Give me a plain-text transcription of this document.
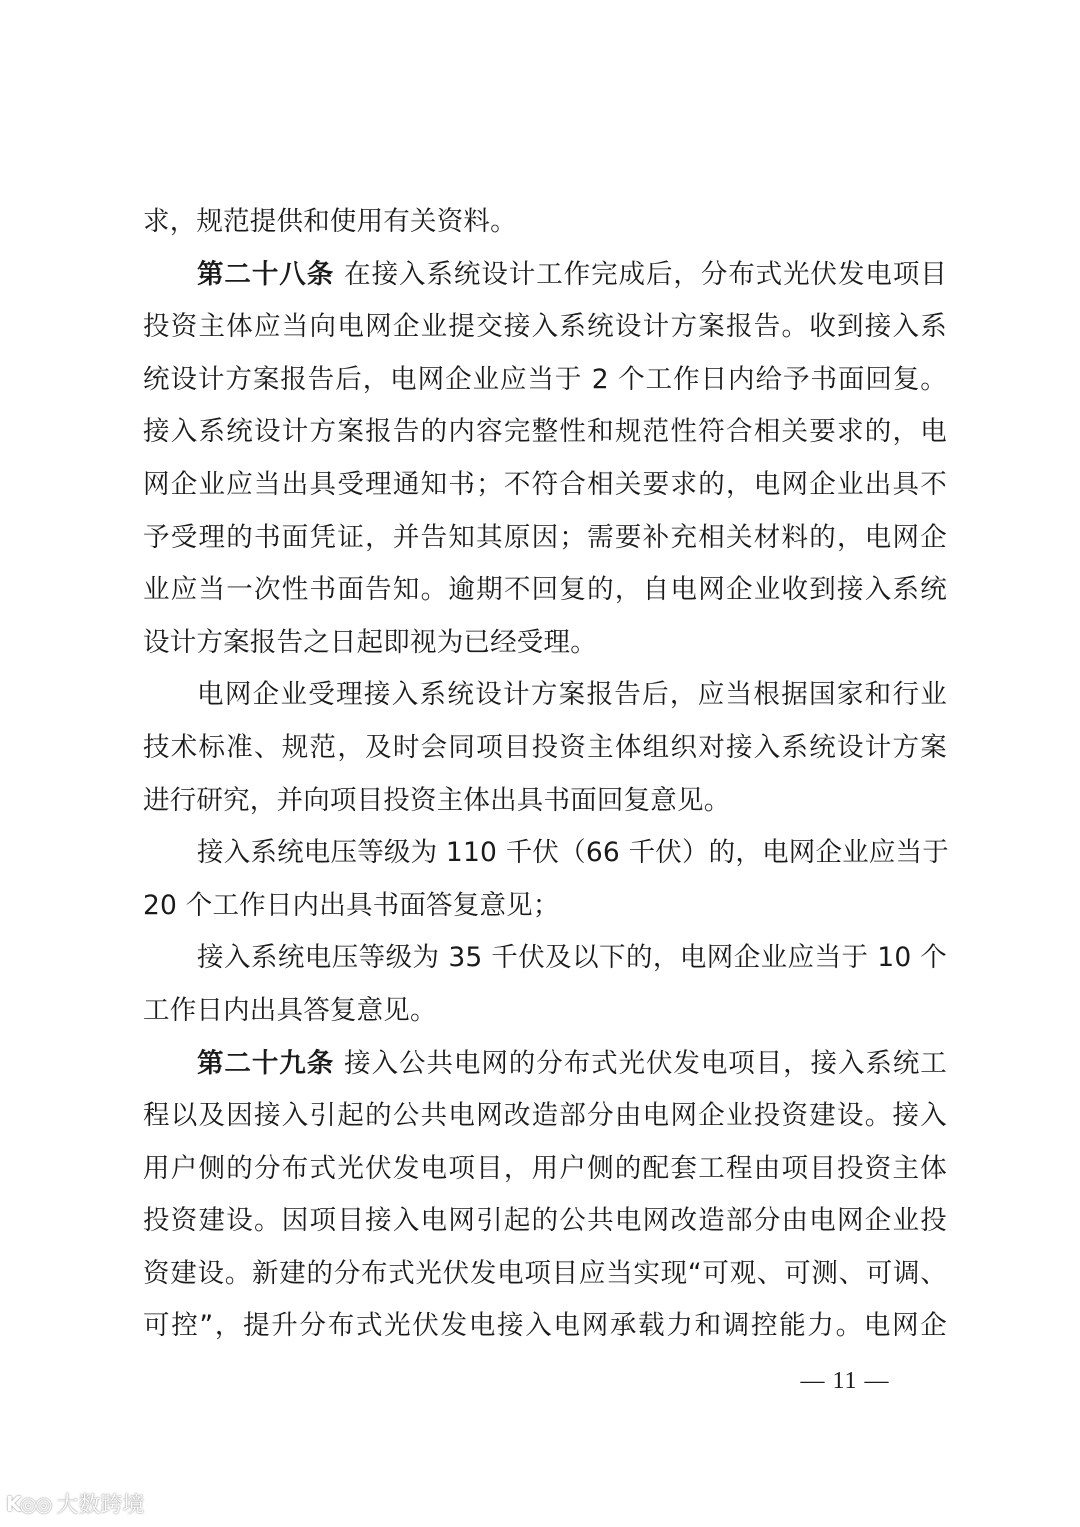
求，规范提供和使用有关资料。
第二十八条 在接入系统设计工作完成后，分布式光伏发电项目
投资主体应当向电网企业提交接入系统设计方案报告。收到接入系
统设计方案报告后，电网企业应当于 2 个工作日内给予书面回复。
接入系统设计方案报告的内容完整性和规范性符合相关要求的，电
网企业应当出具受理通知书；不符合相关要求的，电网企业出具不
予受理的书面凭证，并告知其原因；需要补充相关材料的，电网企
业应当一次性书面告知。逾期不回复的，自电网企业收到接入系统
设计方案报告之日起即视为已经受理。
电网企业受理接入系统设计方案报告后，应当根据国家和行业
技术标准、规范，及时会同项目投资主体组织对接入系统设计方案
进行研究，并向项目投资主体出具书面回复意见。
接入系统电压等级为 110 千伏（66 千伏）的，电网企业应当于
20 个工作日内出具书面答复意见；
接入系统电压等级为 35 千伏及以下的，电网企业应当于 10 个
工作日内出具答复意见。
第二十九条 接入公共电网的分布式光伏发电项目，接入系统工
程以及因接入引起的公共电网改造部分由电网企业投资建设。接入
用户侧的分布式光伏发电项目，用户侧的配套工程由项目投资主体
投资建设。因项目接入电网引起的公共电网改造部分由电网企业投
资建设。新建的分布式光伏发电项目应当实现“可观、可测、可调、
可控”，提升分布式光伏发电接入电网承载力和调控能力。电网企
— 11 —
K◎◎ 大数跨境
